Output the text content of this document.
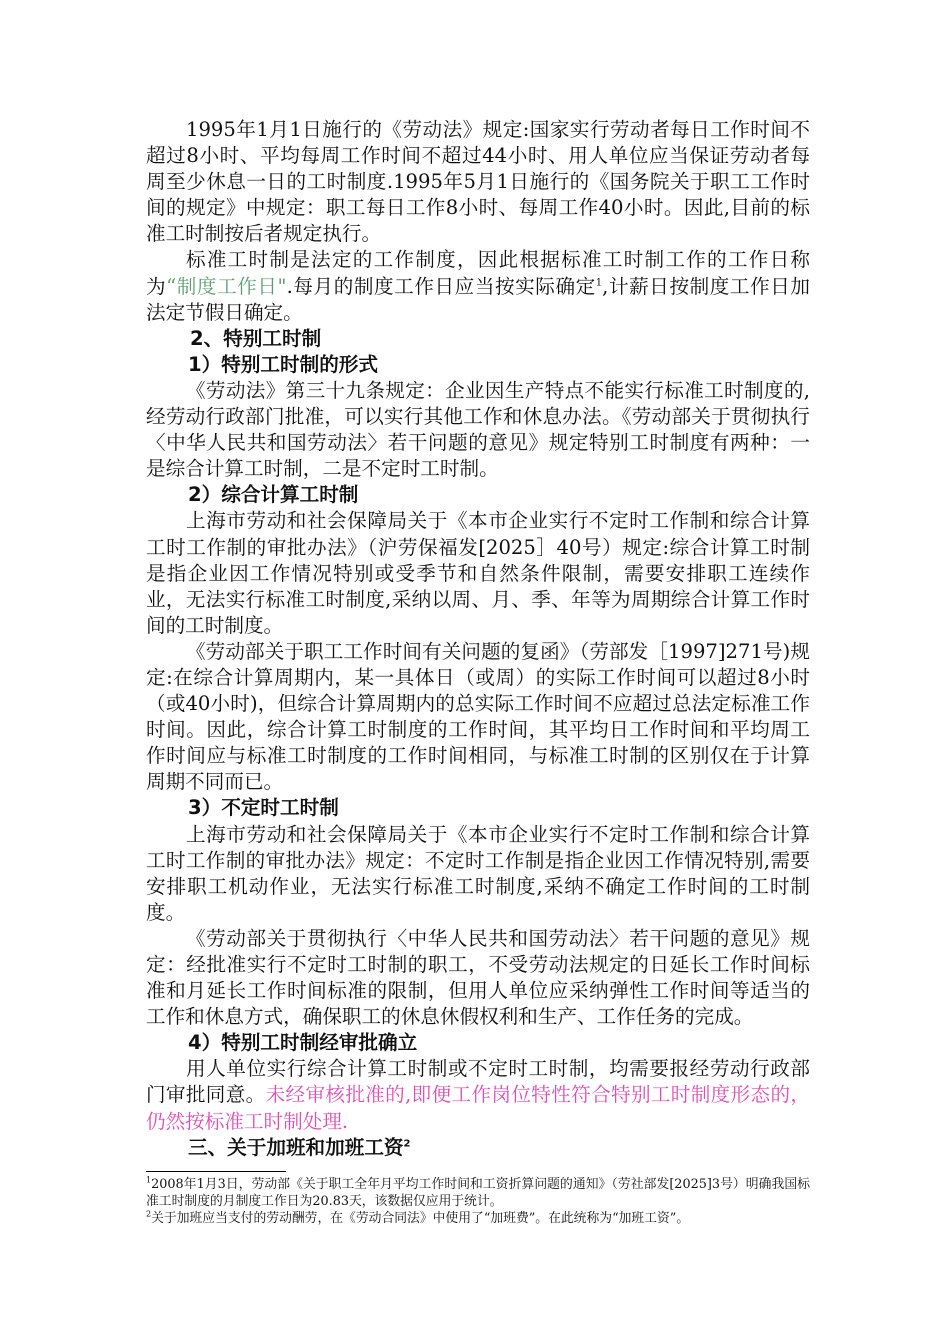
1995年1月1日施行的《劳动法》规定:国家实行劳动者每日工作时间不超过8小时、平均每周工作时间不超过44小时、用人单位应当保证劳动者每周至少休息一日的工时制度.1995年5月1日施行的《国务院关于职工工作时间的规定》中规定：职工每日工作8小时、每周工作40小时。因此,目前的标准工时制按后者规定执行。

标准工时制是法定的工作制度，因此根据标准工时制工作的工作日称为“制度工作日".每月的制度工作日应当按实际确定$^1$,计薪日按制度工作日加法定节假日确定。

2、特别工时制

1）特别工时制的形式

《劳动法》第三十九条规定：企业因生产特点不能实行标准工时制度的,经劳动行政部门批准，可以实行其他工作和休息办法。《劳动部关于贯彻执行〈中华人民共和国劳动法〉若干问题的意见》规定特别工时制度有两种：一是综合计算工时制，二是不定时工时制。

2）综合计算工时制

上海市劳动和社会保障局关于《本市企业实行不定时工作制和综合计算工时工作制的审批办法》（沪劳保福发[2025］40号）规定:综合计算工时制是指企业因工作情况特别或受季节和自然条件限制，需要安排职工连续作业，无法实行标准工时制度,采纳以周、月、季、年等为周期综合计算工作时间的工时制度。

《劳动部关于职工工作时间有关问题的复函》（劳部发［1997]271号)规定:在综合计算周期内，某一具体日（或周）的实际工作时间可以超过8小时（或40小时)，但综合计算周期内的总实际工作时间不应超过总法定标准工作时间。因此，综合计算工时制度的工作时间，其平均日工作时间和平均周工作时间应与标准工时制度的工作时间相同，与标准工时制的区别仅在于计算周期不同而已。

3）不定时工时制

上海市劳动和社会保障局关于《本市企业实行不定时工作制和综合计算工时工作制的审批办法》规定：不定时工作制是指企业因工作情况特别,需要安排职工机动作业，无法实行标准工时制度,采纳不确定工作时间的工时制度。

《劳动部关于贯彻执行〈中华人民共和国劳动法〉若干问题的意见》规定：经批准实行不定时工时制的职工，不受劳动法规定的日延长工作时间标准和月延长工作时间标准的限制，但用人单位应采纳弹性工作时间等适当的工作和休息方式，确保职工的休息休假权利和生产、工作任务的完成。

4）特别工时制经审批确立

用人单位实行综合计算工时制或不定时工时制，均需要报经劳动行政部门审批同意。未经审核批准的,即便工作岗位特性符合特别工时制度形态的，仍然按标准工时制处理.

三、关于加班和加班工资$^2$

$^1$2008年1月3日，劳动部《关于职工全年月平均工作时间和工资折算问题的通知》（劳社部发[2025]3号）明确我国标准工时制度的月制度工作日为20.83天，该数据仅应用于统计。

$^2$关于加班应当支付的劳动酬劳，在《劳动合同法》中使用了“加班费”。在此统称为“加班工资”。
